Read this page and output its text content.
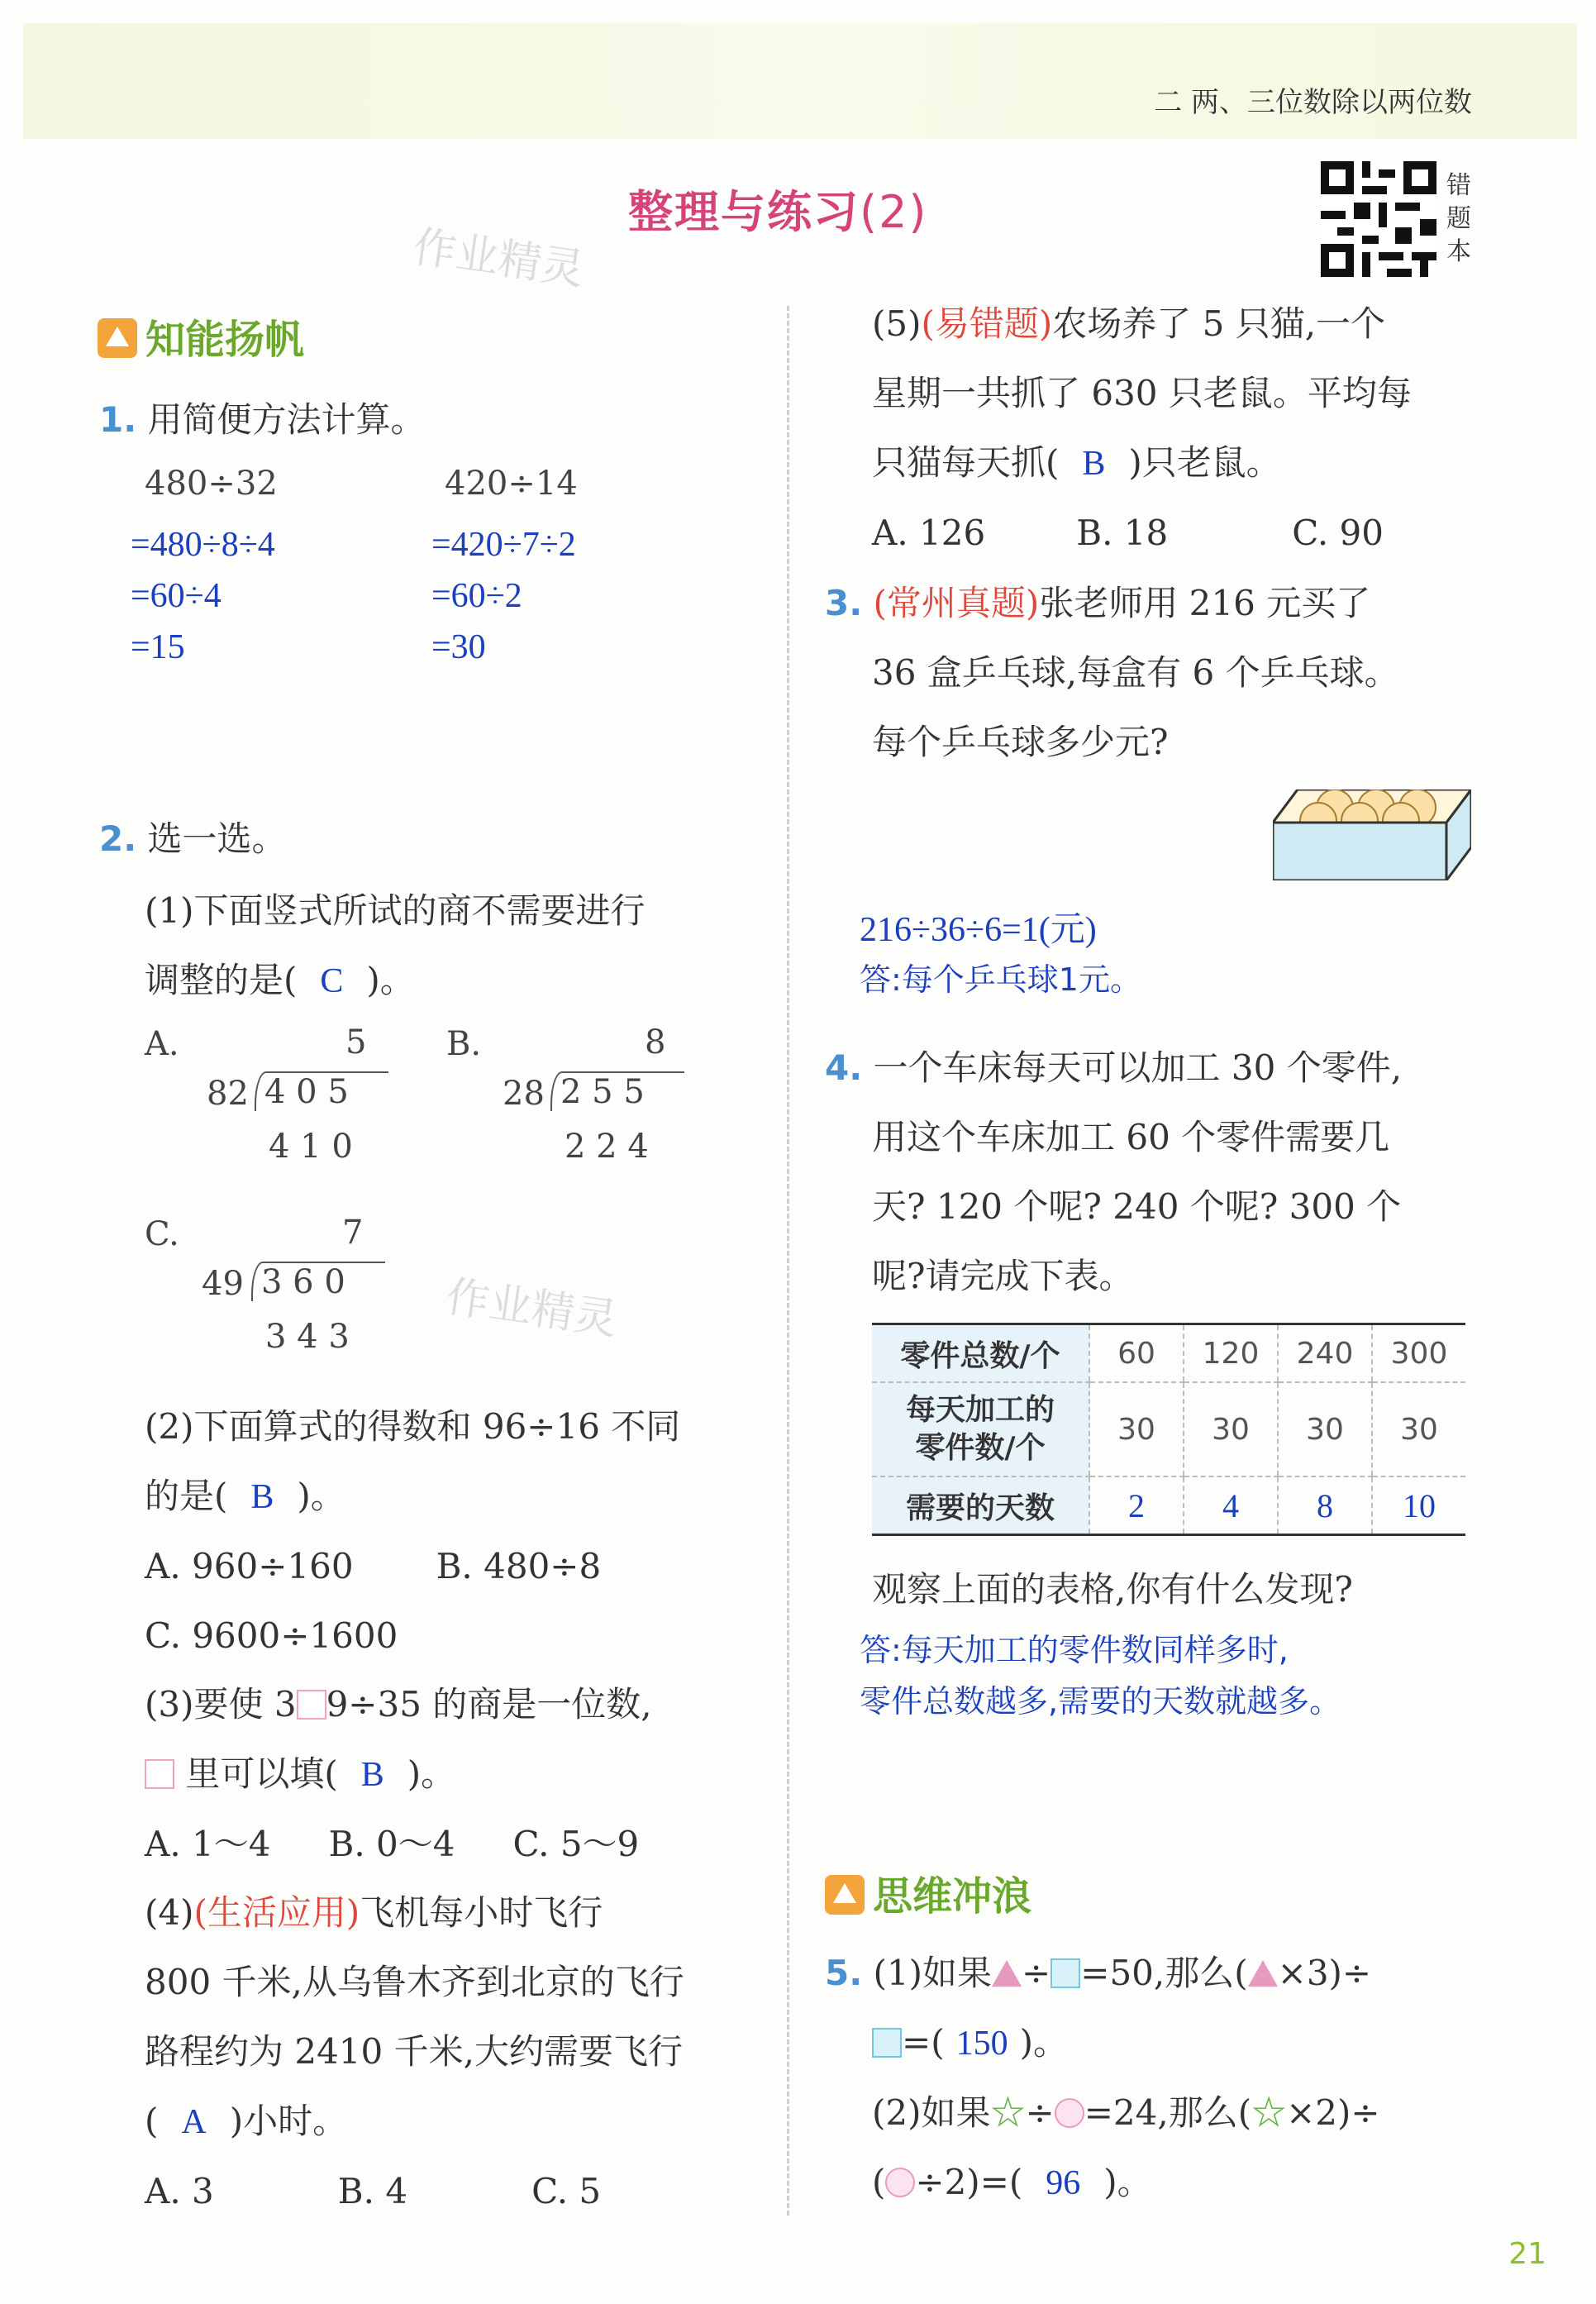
二 两、三位数除以两位数
整理与练习(2)
错
题
本
作业精灵
作业精灵
知能扬帆
1. 用简便方法计算。
480÷32
=480÷8÷4
=60÷4
=15
420÷14
=420÷7÷2
=60÷2
=30
2. 选一选。
(1)下面竖式所试的商不需要进行
调整的是( C )。
A.	5
82 4 0 5
4 1 0
B.	8
28 2 5 5
2 2 4
C.	7
49 3 6 0
3 4 3
(2)下面算式的得数和 96÷16 不同
的是( B )。
A. 960÷160 B. 480÷8
C. 9600÷1600
(3)要使 3 9÷35 的商是一位数,
里可以填( B )。
A. 1～4 B. 0～4 C. 5～9
(4)(生活应用)飞机每小时飞行
800 千米,从乌鲁木齐到北京的飞行
路程约为 2410 千米,大约需要飞行
( A )小时。
A. 3	B. 4	C. 5
(5)(易错题)农场养了 5 只猫,一个
星期一共抓了 630 只老鼠。平均每
只猫每天抓( B )只老鼠。
A. 126	B. 18	C. 90
3. (常州真题)张老师用 216 元买了
36 盒乒乓球,每盒有 6 个乒乓球。
每个乒乓球多少元?
216÷36÷6=1(元)
答:每个乒乓球1元。
4. 一个车床每天可以加工 30 个零件,
用这个车床加工 60 个零件需要几
天? 120 个呢? 240 个呢? 300 个
呢?请完成下表。
零件总数/个	60	120	240	300
每天加工的
零件数/个	30	30	30	30
需要的天数	2	4	8	10
观察上面的表格,你有什么发现?
答:每天加工的零件数同样多时,
零件总数越多,需要的天数就越多。
思维冲浪
5. (1)如果 ÷ =50,那么( ×3)÷
=( 150 )。
(2)如果☆÷ =24,那么(☆×2)÷
( ÷2)=( 96 )。
21
